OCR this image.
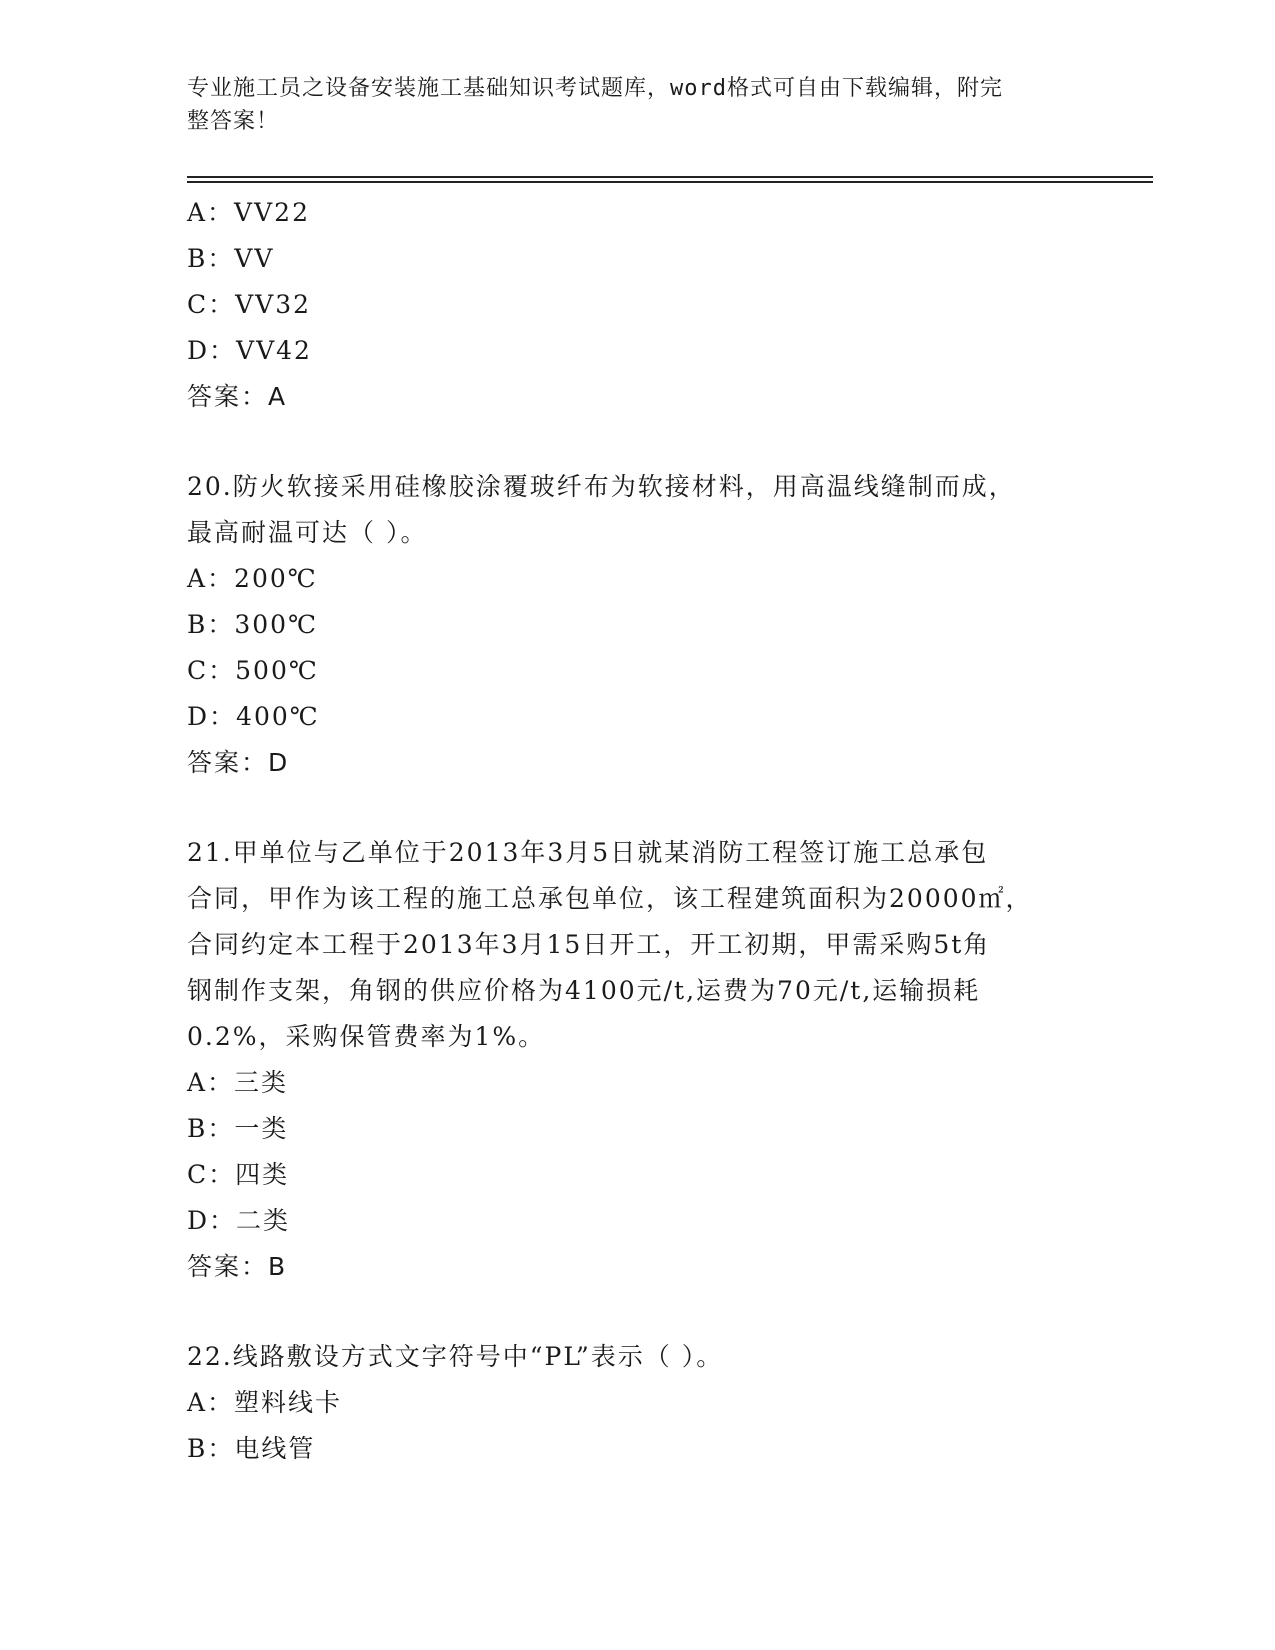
专业施工员之设备安装施工基础知识考试题库，word格式可自由下载编辑，附完
整答案！
A：VV22
B：VV
C：VV32
D：VV42
答案：A
20.防火软接采用硅橡胶涂覆玻纤布为软接材料，用高温线缝制而成，
最高耐温可达（ ）。
A：200℃
B：300℃
C：500℃
D：400℃
答案：D
21.甲单位与乙单位于2013年3月5日就某消防工程签订施工总承包
合同，甲作为该工程的施工总承包单位，该工程建筑面积为20000㎡，
合同约定本工程于2013年3月15日开工，开工初期，甲需采购5t角
钢制作支架，角钢的供应价格为4100元/t,运费为70元/t,运输损耗
0.2%，采购保管费率为1%。
A：三类
B：一类
C：四类
D：二类
答案：B
22.线路敷设方式文字符号中“PL”表示（ ）。
A：塑料线卡
B：电线管
